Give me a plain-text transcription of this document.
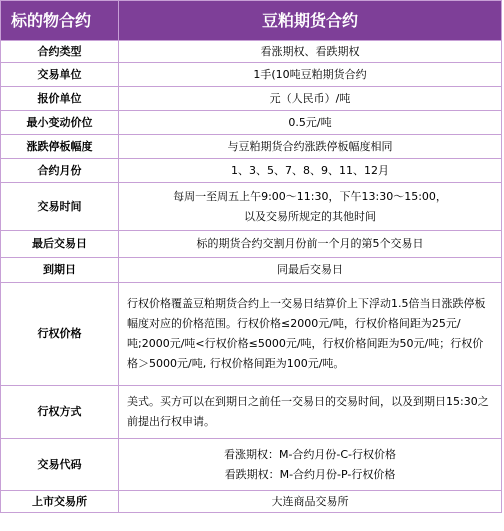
标的物合约	豆粕期货合约
合约类型	看涨期权、看跌期权
交易单位	1手(10吨豆粕期货合约
报价单位	元（人民币）/吨
最小变动价位	0.5元/吨
涨跌停板幅度	与豆粕期货合约涨跌停板幅度相同
合约月份	1、3、5、7、8、9、11、12月
交易时间	每周一至周五上午9:00～11:30，下午13:30～15:00，
以及交易所规定的其他时间

最后交易日	标的期货合约交割月份前一个月的第5个交易日
到期日	同最后交易日
行权价格	行权价格覆盖豆粕期货合约上一交易日结算价上下浮动1.5倍当日涨跌停板幅度对应的价格范围。行权价格≤2000元/吨，行权价格间距为25元/吨;2000元/吨<行权价格≤5000元/吨，行权价格间距为50元/吨；行权价格＞5000元/吨, 行权价格间距为100元/吨。
行权方式	美式。买方可以在到期日之前任一交易日的交易时间，以及到期日15:30之前提出行权申请。
交易代码	看涨期权：M-合约月份-C-行权价格
看跌期权：M-合约月份-P-行权价格

上市交易所	大连商品交易所
